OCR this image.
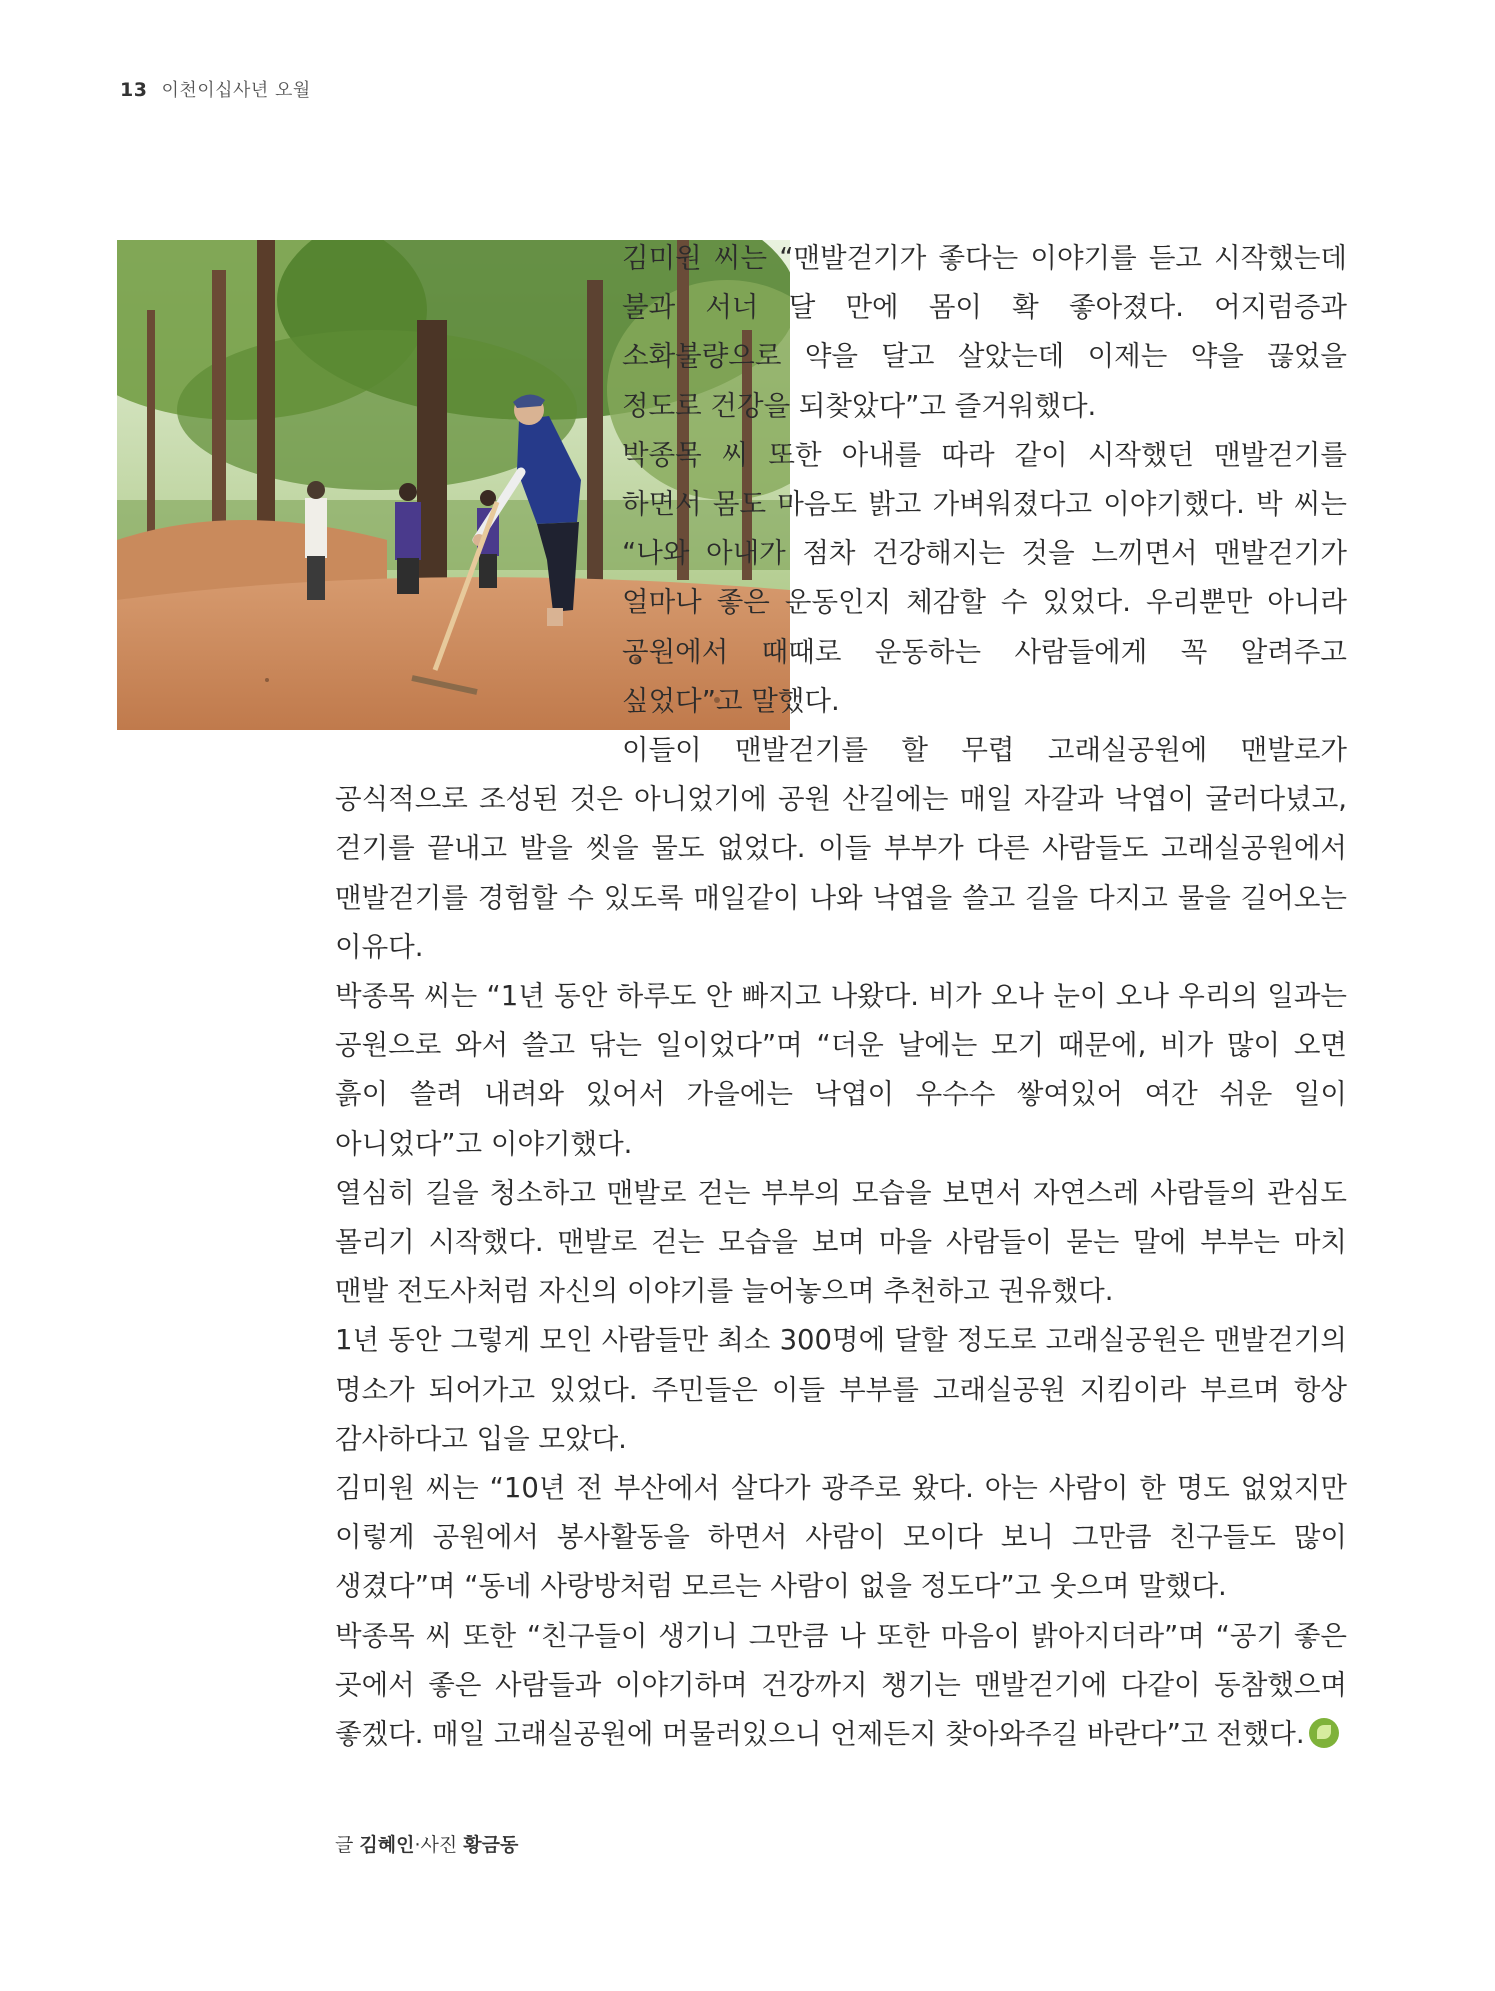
13 이천이십사년 오월

김미원 씨는 “맨발걷기가 좋다는 이야기를 듣고 시작했는데 불과 서너 달 만에 몸이 확 좋아졌다. 어지럼증과 소화불량으로 약을 달고 살았는데 이제는 약을 끊었을 정도로 건강을 되찾았다”고 즐거워했다.

박종목 씨 또한 아내를 따라 같이 시작했던 맨발걷기를 하면서 몸도 마음도 밝고 가벼워졌다고 이야기했다. 박 씨는 “나와 아내가 점차 건강해지는 것을 느끼면서 맨발걷기가 얼마나 좋은 운동인지 체감할 수 있었다. 우리뿐만 아니라 공원에서 때때로 운동하는 사람들에게 꼭 알려주고 싶었다”고 말했다.

이들이 맨발걷기를 할 무렵 고래실공원에 맨발로가 공식적으로 조성된 것은 아니었기에 공원 산길에는 매일 자갈과 낙엽이 굴러다녔고, 걷기를 끝내고 발을 씻을 물도 없었다. 이들 부부가 다른 사람들도 고래실공원에서 맨발걷기를 경험할 수 있도록 매일같이 나와 낙엽을 쓸고 길을 다지고 물을 길어오는 이유다.

박종목 씨는 “1년 동안 하루도 안 빠지고 나왔다. 비가 오나 눈이 오나 우리의 일과는 공원으로 와서 쓸고 닦는 일이었다”며 “더운 날에는 모기 때문에, 비가 많이 오면 흙이 쓸려 내려와 있어서 가을에는 낙엽이 우수수 쌓여있어 여간 쉬운 일이 아니었다”고 이야기했다.

열심히 길을 청소하고 맨발로 걷는 부부의 모습을 보면서 자연스레 사람들의 관심도 몰리기 시작했다. 맨발로 걷는 모습을 보며 마을 사람들이 묻는 말에 부부는 마치 맨발 전도사처럼 자신의 이야기를 늘어놓으며 추천하고 권유했다.

1년 동안 그렇게 모인 사람들만 최소 300명에 달할 정도로 고래실공원은 맨발걷기의 명소가 되어가고 있었다. 주민들은 이들 부부를 고래실공원 지킴이라 부르며 항상 감사하다고 입을 모았다.

김미원 씨는 “10년 전 부산에서 살다가 광주로 왔다. 아는 사람이 한 명도 없었지만 이렇게 공원에서 봉사활동을 하면서 사람이 모이다 보니 그만큼 친구들도 많이 생겼다”며 “동네 사랑방처럼 모르는 사람이 없을 정도다”고 웃으며 말했다.

박종목 씨 또한 “친구들이 생기니 그만큼 나 또한 마음이 밝아지더라”며 “공기 좋은 곳에서 좋은 사람들과 이야기하며 건강까지 챙기는 맨발걷기에 다같이 동참했으며 좋겠다. 매일 고래실공원에 머물러있으니 언제든지 찾아와주길 바란다”고 전했다.

글 김혜인·사진 황금동
